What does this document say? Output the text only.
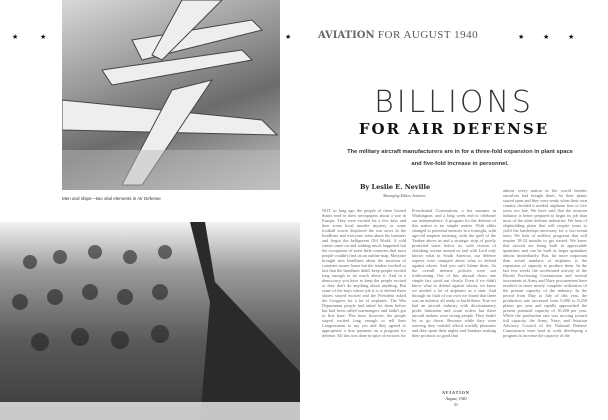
★	★	★	★	★	★
Men and ships—two vital elements in Air Defense
AVIATION FOR AUGUST 1940
BILLIONS
FOR AIR DEFENSE
The military aircraft manufacturers are in for a three-fold expansion in plant space and five-fold increase in personnel.
By Leslie E. Neville
Managing Editor, Aviation
NOT so long ago the people of these United States read in their newspapers about a war in Europe. They were excited for a few days and then some local murder mystery or some football scores displaced the war news in the headlines and everyone went about his business and forgot the belligerent Old World. A cold winter came on and nothing much happened but the occupation of some little countries that most people couldn't find on an outline map. Maytime brought new headlines about the invasion of countries nearer home but the tenders worked so fast that the headlines didn't keep people excited long enough to do much about it. And in a democracy you have to keep the people excited or they don't do anything about anything. But some of the boys whose job it is to defend these shores stayed excited and the President asked the Congress for a lot of airplanes. The War Department people had asked for them before but had been called warmongers and hadn't got to first base. This time, however, the people stayed excited long enough to tell their Congressmen to say yes and they agreed to appropriate a first payment on a program for defense. All this was done in spite of excuses for
Presidential Conventions, a hot summer in Washington, and a long week end to celebrate our independence. A program for the defense of this nation is no simple matter. With alibis changed to potential enemies in a fortnight, with age-old empires tottering, with the spell of the Yankee above us and a strategic strip of poorly protected water below us, with visions of shrinking oceans around us and with Lord only knows what in South America, our defense experts were stumped about what to defend against whom. And you can't blame them. So the overall defense policies were not forthcoming. Out of this abyssal chaos one simple fact stood out clearly. Even if we didn't know what to defend against whom, we knew we needed a lot of airplanes as a start. And through no fault of our own we found that there was an industry all ready to build them. True we had an aircraft industry with discriminatory profit limitation and scant orders but these aircraft makers were strong people. They hadn't let us go down. Because while they were starving they couldn't afford worldly pleasures and they spent their nights and Sundays making their products so good that
almost every nation in the world besides ourselves had bought them. So their plants stayed open and they were ready when their own country decided it needed airplanes four or five years too late. We have said that the aviation industry is better prepared to begin its job than most of the other defense industries. We hear of shipbuilding plans that will require years to yield the battleships necessary for a two-ocean navy. We hear of artillery programs that will require 18-24 months to get started. We know that aircraft are being built in appreciable quantities and can be built in larger quantities almost immediately. But, far more important than actual numbers of airplanes is the expansion of capacity to produce them. In the last few weeks the accelerated activity of the British Purchasing Commission and several increments of Army and Navy procurement have resulted in more nearly complete utilization of the present capacity of the industry. In the period from May to July of this year, the production rate increased from 6,000 to 8,250 planes per year and rapidly approached the present potential capacity of 10,200 per year. While the production rate was moving toward full capacity, the Army, Navy, and Aviation Advisory Council of the National Defense Commission were hard at work developing a program to increase the capacity of the
AVIATION
August, 1940
31
